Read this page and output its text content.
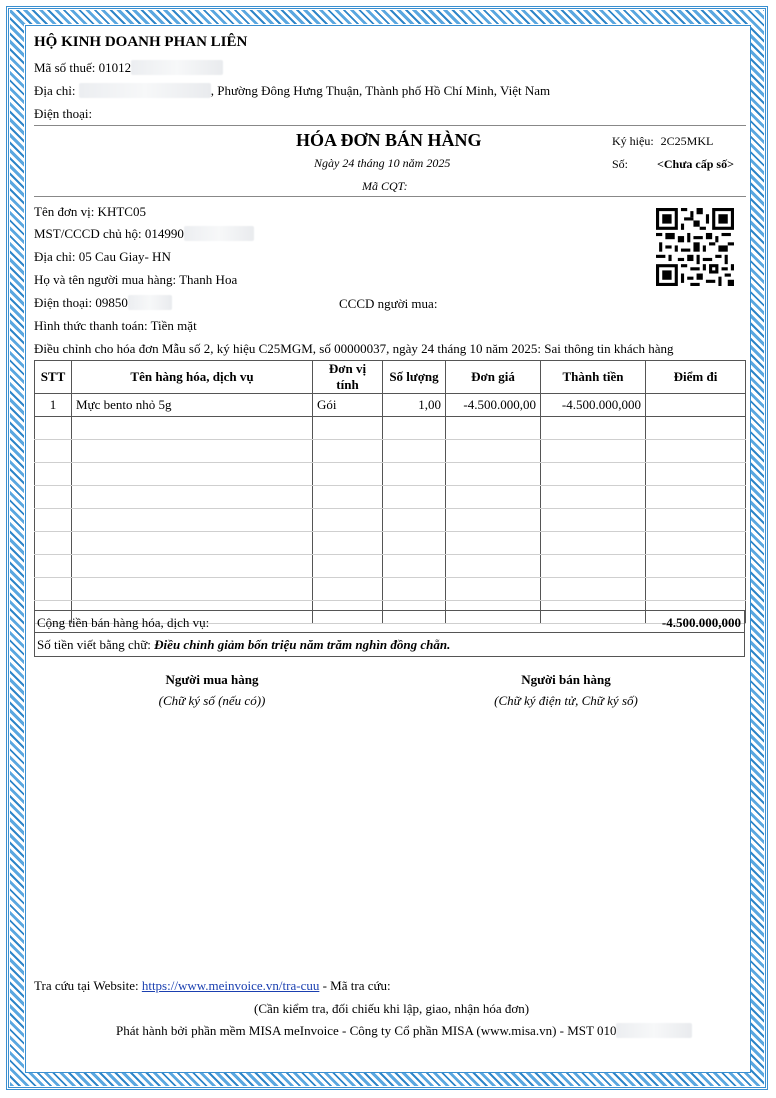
HỘ KINH DOANH PHAN LIÊN
Mã số thuế: 01012
Địa chỉ:	, Phường Đông Hưng Thuận, Thành phố Hồ Chí Minh, Việt Nam
Điện thoại:
HÓA ĐƠN BÁN HÀNG
Ngày 24 tháng 10 năm 2025
Mã CQT:
Ký hiệu: 2C25MKL
Số: <Chưa cấp số>
Tên đơn vị: KHTC05
MST/CCCD chủ hộ: 014990
Địa chỉ: 05 Cau Giay- HN
Họ và tên người mua hàng: Thanh Hoa
Điện thoại: 09850	CCCD người mua:
Hình thức thanh toán: Tiền mặt
Điều chỉnh cho hóa đơn Mẫu số 2, ký hiệu C25MGM, số 00000037, ngày 24 tháng 10 năm 2025: Sai thông tin khách hàng
STT	Tên hàng hóa, dịch vụ	Đơn vị tính	Số lượng	Đơn giá	Thành tiền	Điểm đi
1	Mực bento nhỏ 5g	Gói	1,00	-4.500.000,00	-4.500.000,000	

Cộng tiền bán hàng hóa, dịch vụ:	-4.500.000,000
Số tiền viết bằng chữ: Điều chỉnh giảm bốn triệu năm trăm nghìn đồng chẵn.
Người mua hàng
(Chữ ký số (nếu có))
Người bán hàng
(Chữ ký điện tử, Chữ ký số)
Tra cứu tại Website: https://www.meinvoice.vn/tra-cuu - Mã tra cứu:
(Cần kiểm tra, đối chiếu khi lập, giao, nhận hóa đơn)
Phát hành bởi phần mềm MISA meInvoice - Công ty Cổ phần MISA (www.misa.vn) - MST 010
